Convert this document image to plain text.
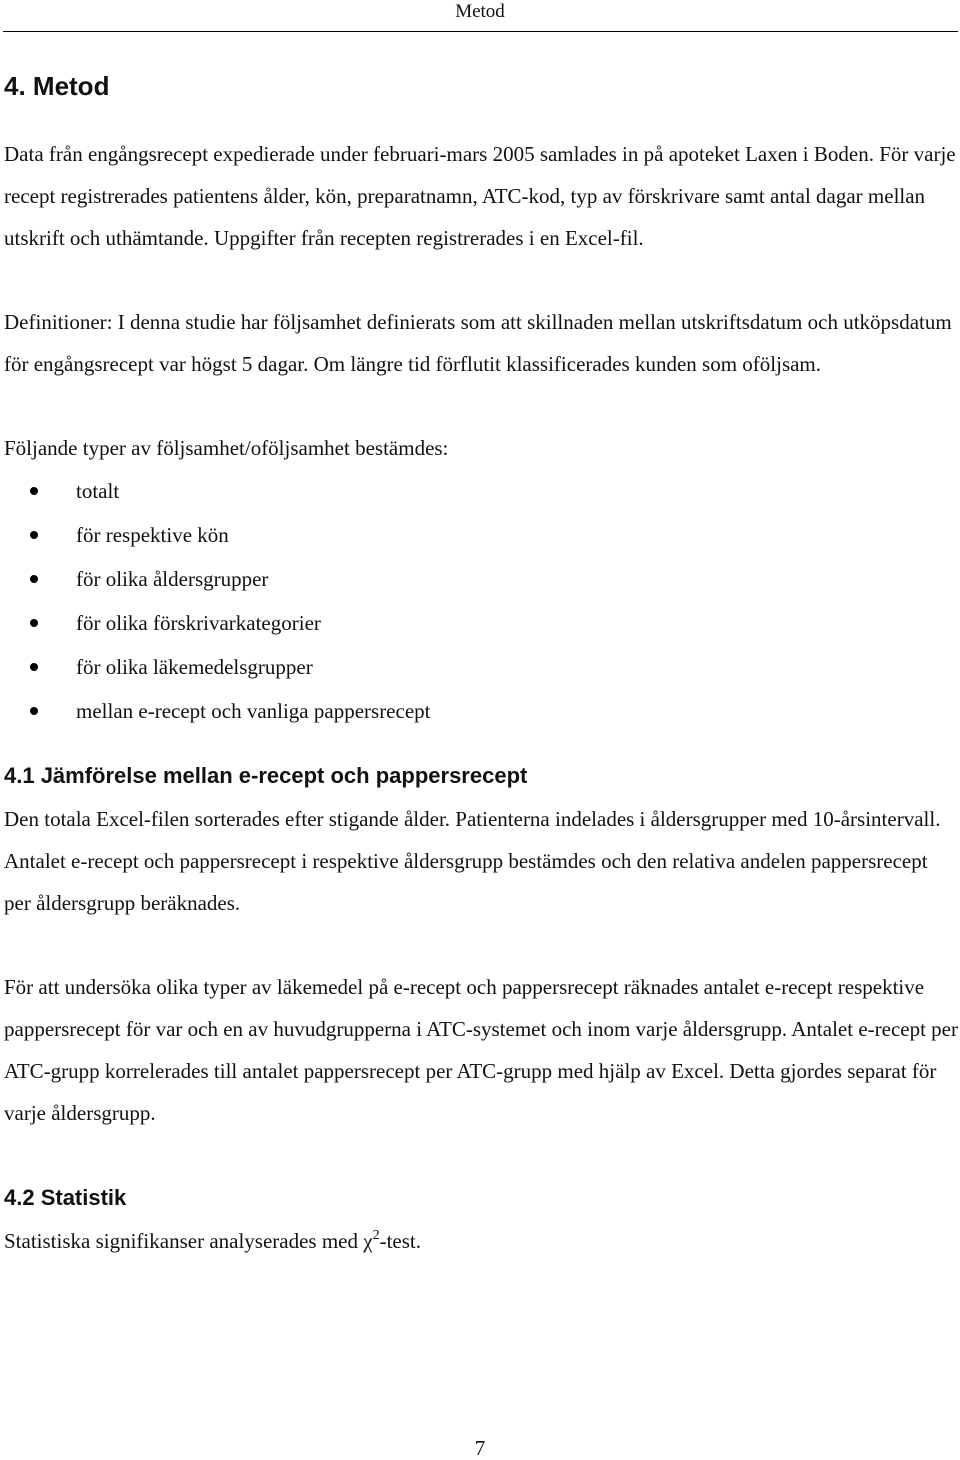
Metod
4. Metod

Data från engångsrecept expedierade under februari-mars 2005 samlades in på apoteket Laxen i Boden. För varje recept registrerades patientens ålder, kön, preparatnamn, ATC-kod, typ av förskrivare samt antal dagar mellan utskrift och uthämtande. Uppgifter från recepten registrerades i en Excel-fil.

Definitioner: I denna studie har följsamhet definierats som att skillnaden mellan utskriftsdatum och utköpsdatum för engångsrecept var högst 5 dagar. Om längre tid förflutit klassificerades kunden som oföljsam.

Följande typer av följsamhet/oföljsamhet bestämdes:

totalt
för respektive kön
för olika åldersgrupper
för olika förskrivarkategorier
för olika läkemedelsgrupper
mellan e-recept och vanliga pappersrecept
4.1 Jämförelse mellan e-recept och pappersrecept

Den totala Excel-filen sorterades efter stigande ålder. Patienterna indelades i åldersgrupper med 10-årsintervall. Antalet e-recept och pappersrecept i respektive åldersgrupp bestämdes och den relativa andelen pappersrecept per åldersgrupp beräknades.

För att undersöka olika typer av läkemedel på e-recept och pappersrecept räknades antalet e-recept respektive pappersrecept för var och en av huvudgrupperna i ATC-systemet och inom varje åldersgrupp. Antalet e-recept per ATC-grupp korrelerades till antalet pappersrecept per ATC-grupp med hjälp av Excel. Detta gjordes separat för varje åldersgrupp.

4.2 Statistik

Statistiska signifikanser analyserades med $\chi^2$-test.

7
